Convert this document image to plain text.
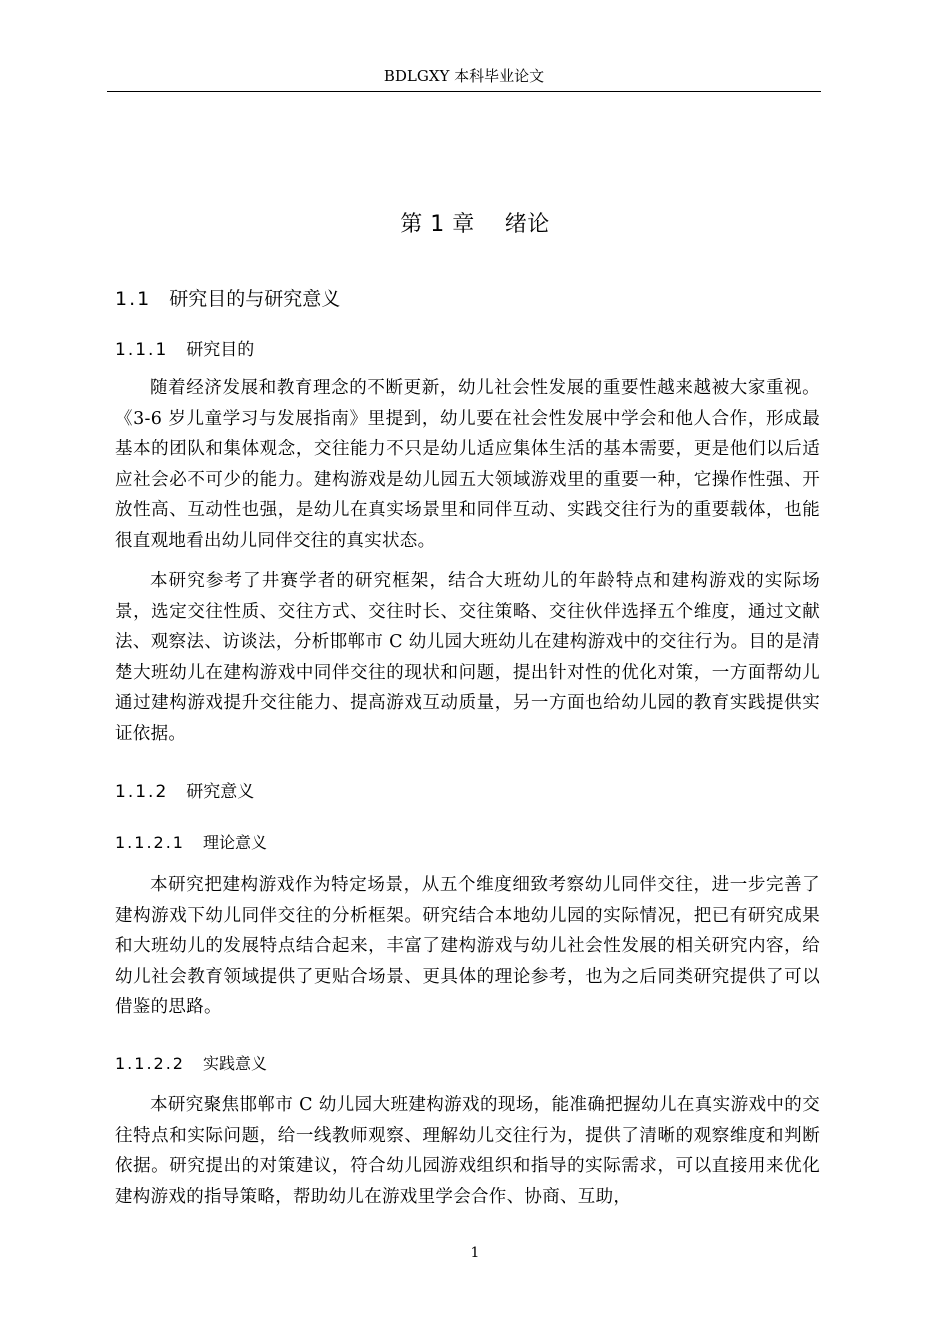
BDLGXY 本科毕业论文
第 1 章    绪论
1.1 研究目的与研究意义
1.1.1 研究目的
随着经济发展和教育理念的不断更新，幼儿社会性发展的重要性越来越被大家重视。《3-6 岁儿童学习与发展指南》里提到，幼儿要在社会性发展中学会和他人合作，形成最基本的团队和集体观念，交往能力不只是幼儿适应集体生活的基本需要，更是他们以后适应社会必不可少的能力。建构游戏是幼儿园五大领域游戏里的重要一种，它操作性强、开放性高、互动性也强，是幼儿在真实场景里和同伴互动、实践交往行为的重要载体，也能很直观地看出幼儿同伴交往的真实状态。
本研究参考了井赛学者的研究框架，结合大班幼儿的年龄特点和建构游戏的实际场景，选定交往性质、交往方式、交往时长、交往策略、交往伙伴选择五个维度，通过文献法、观察法、访谈法，分析邯郸市 C 幼儿园大班幼儿在建构游戏中的交往行为。目的是清楚大班幼儿在建构游戏中同伴交往的现状和问题，提出针对性的优化对策，一方面帮幼儿通过建构游戏提升交往能力、提高游戏互动质量，另一方面也给幼儿园的教育实践提供实证依据。
1.1.2 研究意义
1.1.2.1 理论意义
本研究把建构游戏作为特定场景，从五个维度细致考察幼儿同伴交往，进一步完善了建构游戏下幼儿同伴交往的分析框架。研究结合本地幼儿园的实际情况，把已有研究成果和大班幼儿的发展特点结合起来，丰富了建构游戏与幼儿社会性发展的相关研究内容，给幼儿社会教育领域提供了更贴合场景、更具体的理论参考，也为之后同类研究提供了可以借鉴的思路。
1.1.2.2 实践意义
本研究聚焦邯郸市 C 幼儿园大班建构游戏的现场，能准确把握幼儿在真实游戏中的交往特点和实际问题，给一线教师观察、理解幼儿交往行为，提供了清晰的观察维度和判断依据。研究提出的对策建议，符合幼儿园游戏组织和指导的实际需求，可以直接用来优化建构游戏的指导策略，帮助幼儿在游戏里学会合作、协商、互助，
1
